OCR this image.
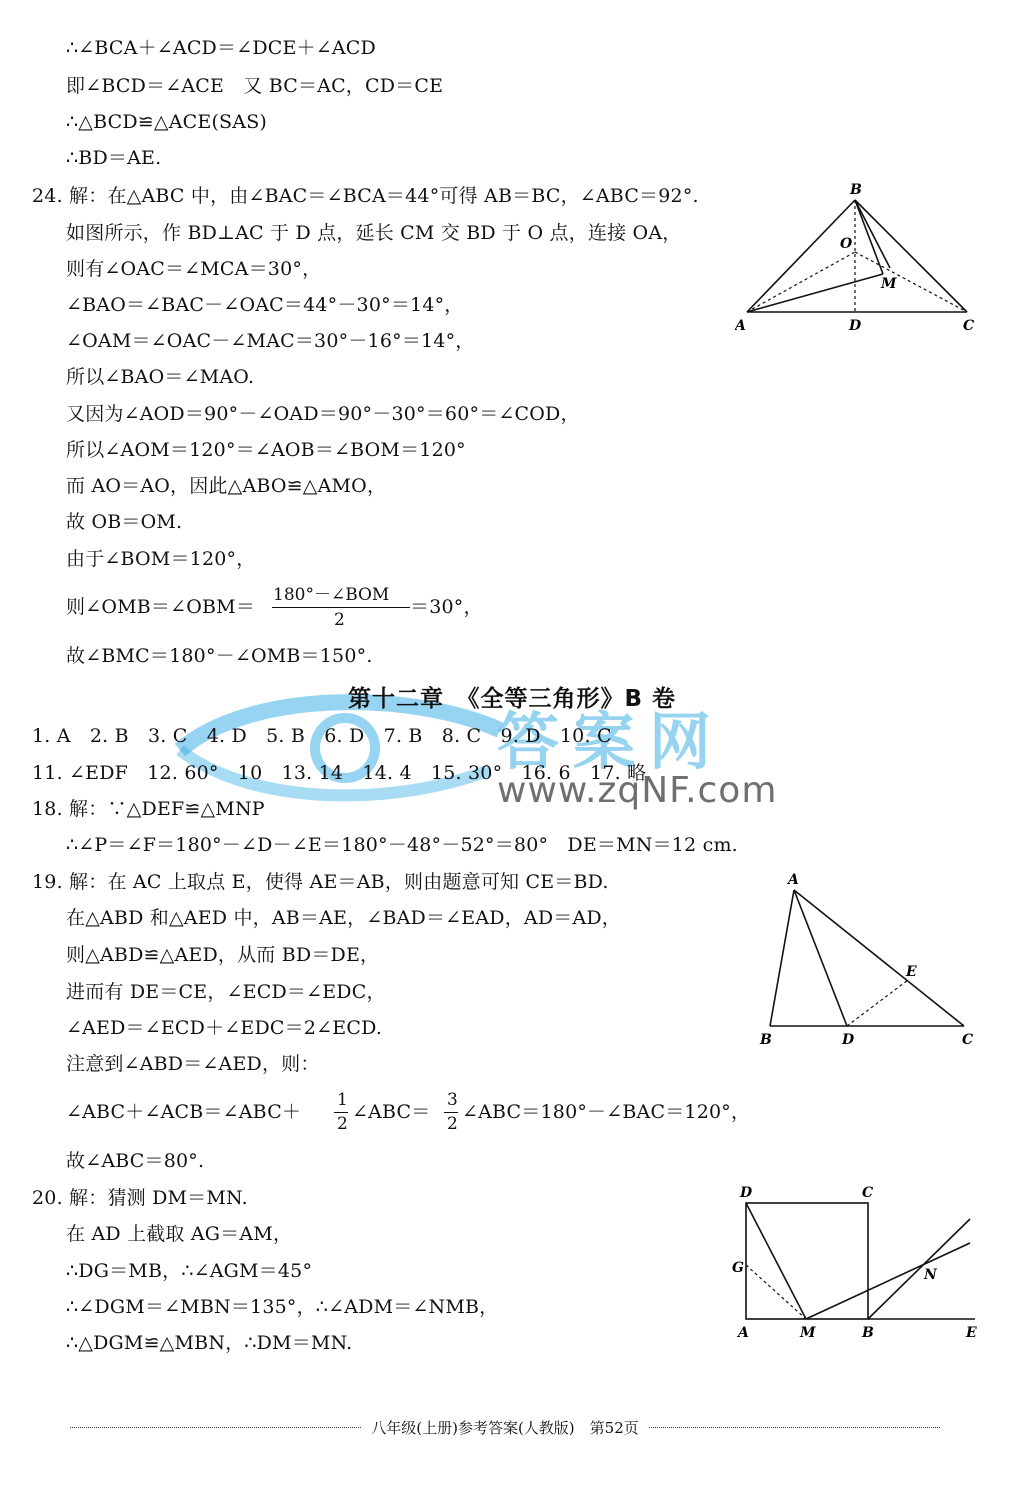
答案网
www.zqNF.com
∴∠BCA＋∠ACD＝∠DCE＋∠ACD
即∠BCD＝∠ACE　又 BC＝AC，CD＝CE
∴△BCD≌△ACE(SAS)
∴BD＝AE.
24. 解：在△ABC 中，由∠BAC＝∠BCA＝44°可得 AB＝BC，∠ABC＝92°.
如图所示，作 BD⊥AC 于 D 点，延长 CM 交 BD 于 O 点，连接 OA，
则有∠OAC＝∠MCA＝30°，
∠BAO＝∠BAC－∠OAC＝44°－30°＝14°，
∠OAM＝∠OAC－∠MAC＝30°－16°＝14°，
所以∠BAO＝∠MAO.
又因为∠AOD＝90°－∠OAD＝90°－30°＝60°＝∠COD，
所以∠AOM＝120°＝∠AOB＝∠BOM＝120°
而 AO＝AO，因此△ABO≌△AMO，
故 OB＝OM.
由于∠BOM＝120°，
则∠OMB＝∠OBM＝
180°－∠BOM
2
＝30°，
故∠BMC＝180°－∠OMB＝150°.
B
O
M
A	D	C
第十二章　《全等三角形》B 卷
1. A　2. B　3. C　4. D　5. B　6. D　7. B　8. C　9. D　10. C
11. ∠EDF　12. 60°　10　13. 14　14. 4　15. 30°　16. 6　17. 略
18. 解：∵△DEF≌△MNP
∴∠P＝∠F＝180°－∠D－∠E＝180°－48°－52°＝80°　DE＝MN＝12 cm.
19. 解：在 AC 上取点 E，使得 AE＝AB，则由题意可知 CE＝BD.
在△ABD 和△AED 中，AB＝AE，∠BAD＝∠EAD，AD＝AD，
则△ABD≌△AED，从而 BD＝DE，
进而有 DE＝CE，∠ECD＝∠EDC，
∠AED＝∠ECD＋∠EDC＝2∠ECD.
注意到∠ABD＝∠AED，则：
∠ABC＋∠ACB＝∠ABC＋
1
2
∠ABC＝
3
2
∠ABC＝180°－∠BAC＝120°，
故∠ABC＝80°.
A
E
B	D	C
20. 解：猜测 DM＝MN.
在 AD 上截取 AG＝AM，
∴DG＝MB，∴∠AGM＝45°
∴∠DGM＝∠MBN＝135°，∴∠ADM＝∠NMB，
∴△DGM≌△MBN，∴DM＝MN.
D	C
G	N
A	M	B	E
八年级(上册)参考答案(人教版)　第52页
